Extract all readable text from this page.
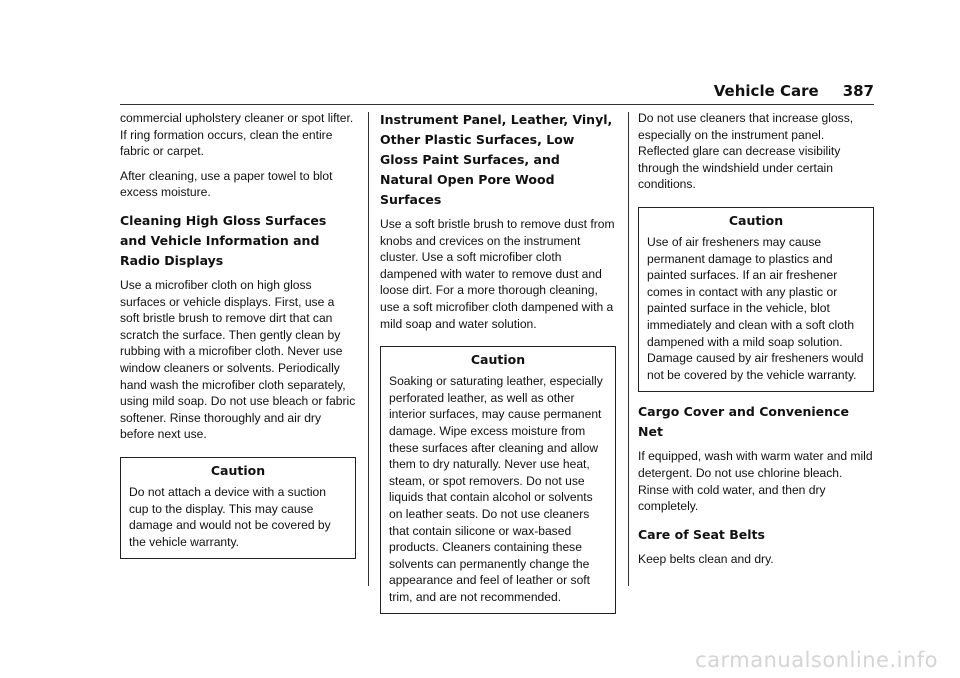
Vehicle Care 387

commercial upholstery cleaner or spot lifter. If ring formation occurs, clean the entire fabric or carpet.

After cleaning, use a paper towel to blot excess moisture.

Cleaning High Gloss Surfaces and Vehicle Information and Radio Displays

Use a microfiber cloth on high gloss surfaces or vehicle displays. First, use a soft bristle brush to remove dirt that can scratch the surface. Then gently clean by rubbing with a microfiber cloth. Never use window cleaners or solvents. Periodically hand wash the microfiber cloth separately, using mild soap. Do not use bleach or fabric softener. Rinse thoroughly and air dry before next use.

Caution

Do not attach a device with a suction cup to the display. This may cause damage and would not be covered by the vehicle warranty.

Instrument Panel, Leather, Vinyl, Other Plastic Surfaces, Low Gloss Paint Surfaces, and Natural Open Pore Wood Surfaces

Use a soft bristle brush to remove dust from knobs and crevices on the instrument cluster. Use a soft microfiber cloth dampened with water to remove dust and loose dirt. For a more thorough cleaning, use a soft microfiber cloth dampened with a mild soap and water solution.

Caution

Soaking or saturating leather, especially perforated leather, as well as other interior surfaces, may cause permanent damage. Wipe excess moisture from these surfaces after cleaning and allow them to dry naturally. Never use heat, steam, or spot removers. Do not use liquids that contain alcohol or solvents on leather seats. Do not use cleaners that contain silicone or wax-based products. Cleaners containing these solvents can permanently change the appearance and feel of leather or soft trim, and are not recommended.

Do not use cleaners that increase gloss, especially on the instrument panel. Reflected glare can decrease visibility through the windshield under certain conditions.

Caution

Use of air fresheners may cause permanent damage to plastics and painted surfaces. If an air freshener comes in contact with any plastic or painted surface in the vehicle, blot immediately and clean with a soft cloth dampened with a mild soap solution. Damage caused by air fresheners would not be covered by the vehicle warranty.

Cargo Cover and Convenience Net

If equipped, wash with warm water and mild detergent. Do not use chlorine bleach. Rinse with cold water, and then dry completely.

Care of Seat Belts

Keep belts clean and dry.

carmanualsonline.info
